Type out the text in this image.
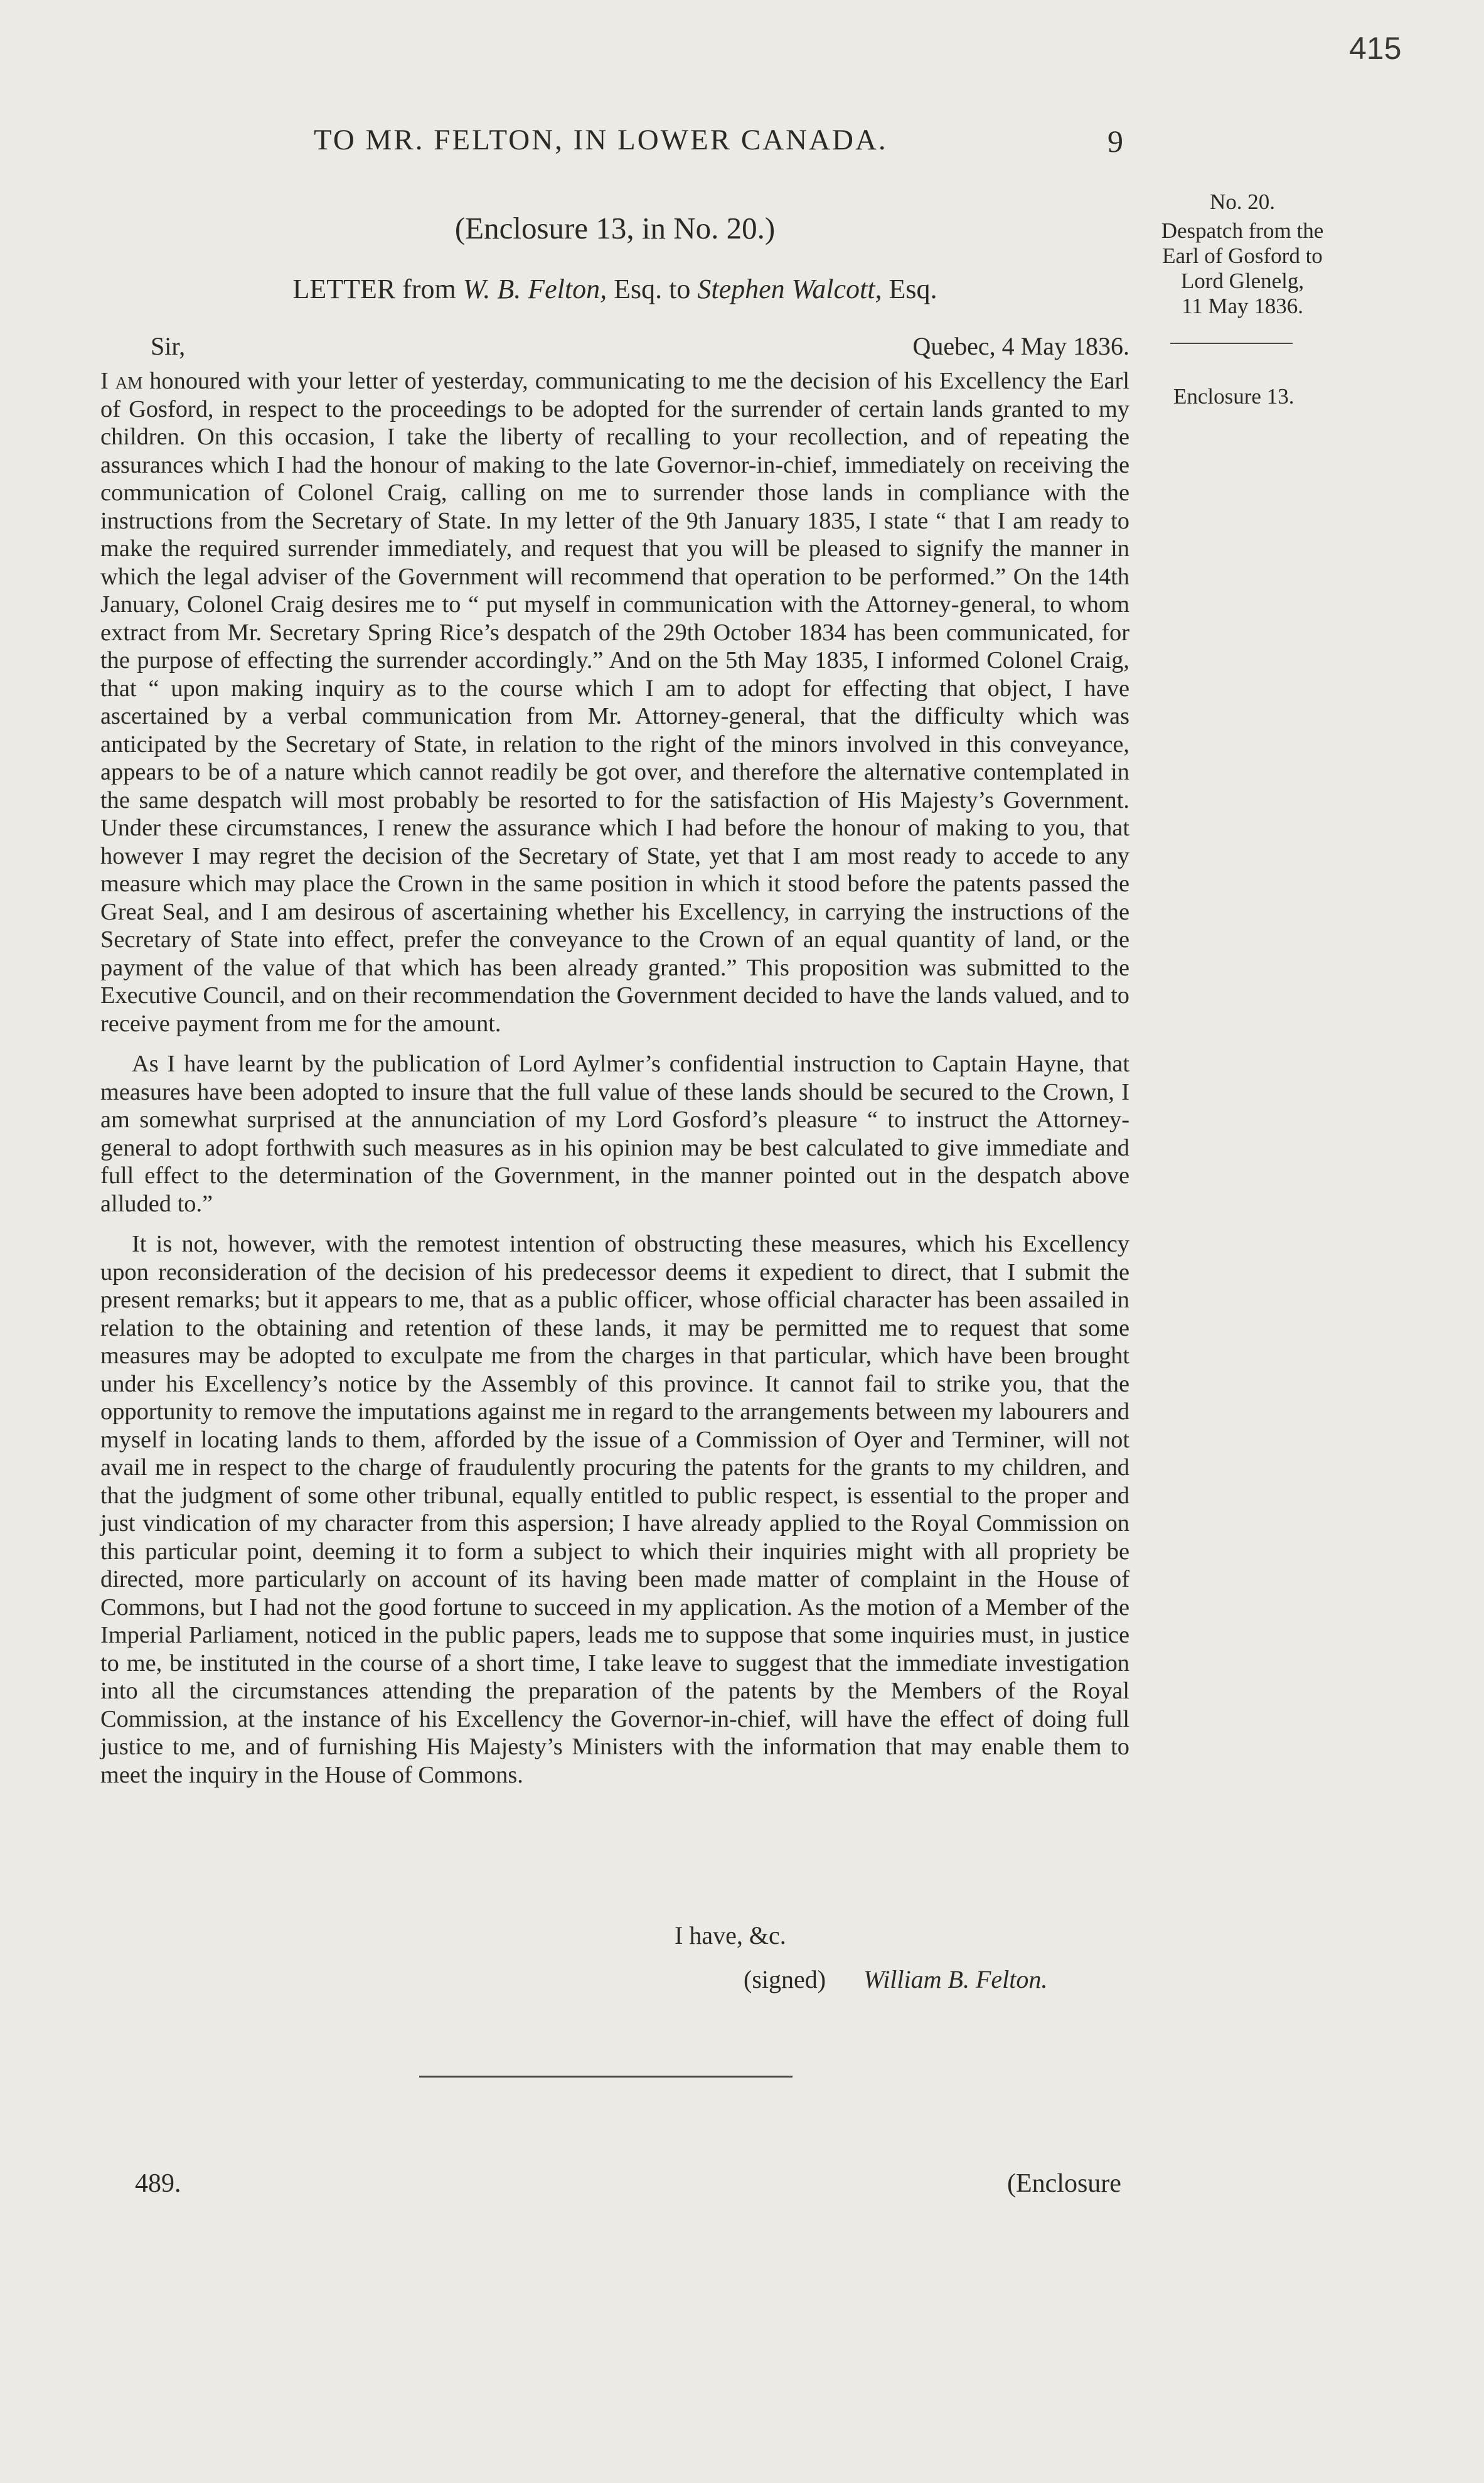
415
TO MR. FELTON, IN LOWER CANADA.	9
No. 20.
Despatch from the
Earl of Gosford to
Lord Glenelg,
11 May 1836.
Enclosure 13.
(Enclosure 13, in No. 20.)
LETTER from W. B. Felton, Esq. to Stephen Walcott, Esq.
Sir,	Quebec, 4 May 1836.

I am honoured with your letter of yesterday, communicating to me the decision of his Excellency the Earl of Gosford, in respect to the proceedings to be adopted for the surrender of certain lands granted to my children. On this occasion, I take the liberty of recalling to your recollection, and of repeating the assurances which I had the honour of making to the late Governor-in-chief, immediately on receiving the communication of Colonel Craig, calling on me to surrender those lands in compliance with the instructions from the Secretary of State. In my letter of the 9th January 1835, I state “ that I am ready to make the required surrender immediately, and request that you will be pleased to signify the manner in which the legal adviser of the Government will recommend that operation to be performed.” On the 14th January, Colonel Craig desires me to “ put myself in communication with the Attorney-general, to whom extract from Mr. Secretary Spring Rice’s despatch of the 29th October 1834 has been communicated, for the purpose of effecting the surrender accordingly.” And on the 5th May 1835, I informed Colonel Craig, that “ upon making inquiry as to the course which I am to adopt for effecting that object, I have ascertained by a verbal communication from Mr. Attorney-general, that the difficulty which was anticipated by the Secretary of State, in relation to the right of the minors involved in this conveyance, appears to be of a nature which cannot readily be got over, and therefore the alternative contemplated in the same despatch will most probably be resorted to for the satisfaction of His Majesty’s Government. Under these circumstances, I renew the assurance which I had before the honour of making to you, that however I may regret the decision of the Secretary of State, yet that I am most ready to accede to any measure which may place the Crown in the same position in which it stood before the patents passed the Great Seal, and I am desirous of ascertaining whether his Excellency, in carrying the instructions of the Secretary of State into effect, prefer the conveyance to the Crown of an equal quantity of land, or the payment of the value of that which has been already granted.” This proposition was submitted to the Executive Council, and on their recommendation the Government decided to have the lands valued, and to receive payment from me for the amount.

As I have learnt by the publication of Lord Aylmer’s confidential instruction to Captain Hayne, that measures have been adopted to insure that the full value of these lands should be secured to the Crown, I am somewhat surprised at the annunciation of my Lord Gosford’s pleasure “ to instruct the Attorney-general to adopt forthwith such measures as in his opinion may be best calculated to give immediate and full effect to the determination of the Government, in the manner pointed out in the despatch above alluded to.”

It is not, however, with the remotest intention of obstructing these measures, which his Excellency upon reconsideration of the decision of his predecessor deems it expedient to direct, that I submit the present remarks; but it appears to me, that as a public officer, whose official character has been assailed in relation to the obtaining and retention of these lands, it may be permitted me to request that some measures may be adopted to exculpate me from the charges in that particular, which have been brought under his Excellency’s notice by the Assembly of this province. It cannot fail to strike you, that the opportunity to remove the imputations against me in regard to the arrangements between my labourers and myself in locating lands to them, afforded by the issue of a Commission of Oyer and Terminer, will not avail me in respect to the charge of fraudulently procuring the patents for the grants to my children, and that the judgment of some other tribunal, equally entitled to public respect, is essential to the proper and just vindication of my character from this aspersion; I have already applied to the Royal Commission on this particular point, deeming it to form a subject to which their inquiries might with all propriety be directed, more particularly on account of its having been made matter of complaint in the House of Commons, but I had not the good fortune to succeed in my application. As the motion of a Member of the Imperial Parliament, noticed in the public papers, leads me to suppose that some inquiries must, in justice to me, be instituted in the course of a short time, I take leave to suggest that the immediate investigation into all the circumstances attending the preparation of the patents by the Members of the Royal Commission, at the instance of his Excellency the Governor-in-chief, will have the effect of doing full justice to me, and of furnishing His Majesty’s Ministers with the information that may enable them to meet the inquiry in the House of Commons.

I have, &c.
(signed) William B. Felton.
489.	(Enclosure
